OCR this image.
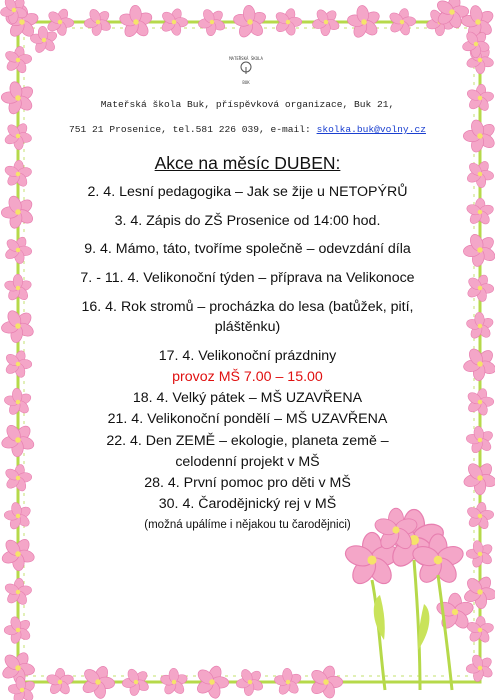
MATEŘSKÁ ŠKOLA
BUK
Mateřská škola Buk, příspěvková organizace, Buk 21,
751 21 Prosenice, tel.581 226 039, e-mail: skolka.buk@volny.cz
Akce na měsíc DUBEN:
2. 4. Lesní pedagogika – Jak se žije u NETOPÝRŮ
3. 4. Zápis do ZŠ Prosenice od 14:00 hod.
9. 4. Mámo, táto, tvoříme společně – odevzdání díla
7. - 11. 4. Velikonoční týden – příprava na Velikonoce
16. 4. Rok stromů – procházka do lesa (batůžek, pití,
pláštěnku)
17. 4. Velikonoční prázdniny
provoz MŠ 7.00 – 15.00
18. 4. Velký pátek – MŠ UZAVŘENA
21. 4. Velikonoční pondělí – MŠ UZAVŘENA
22. 4. Den ZEMĚ – ekologie, planeta země –
celodenní projekt v MŠ
28. 4. První pomoc pro děti v MŠ
30. 4. Čarodějnický rej v MŠ
(možná upálíme i nějakou tu čarodějnici)
